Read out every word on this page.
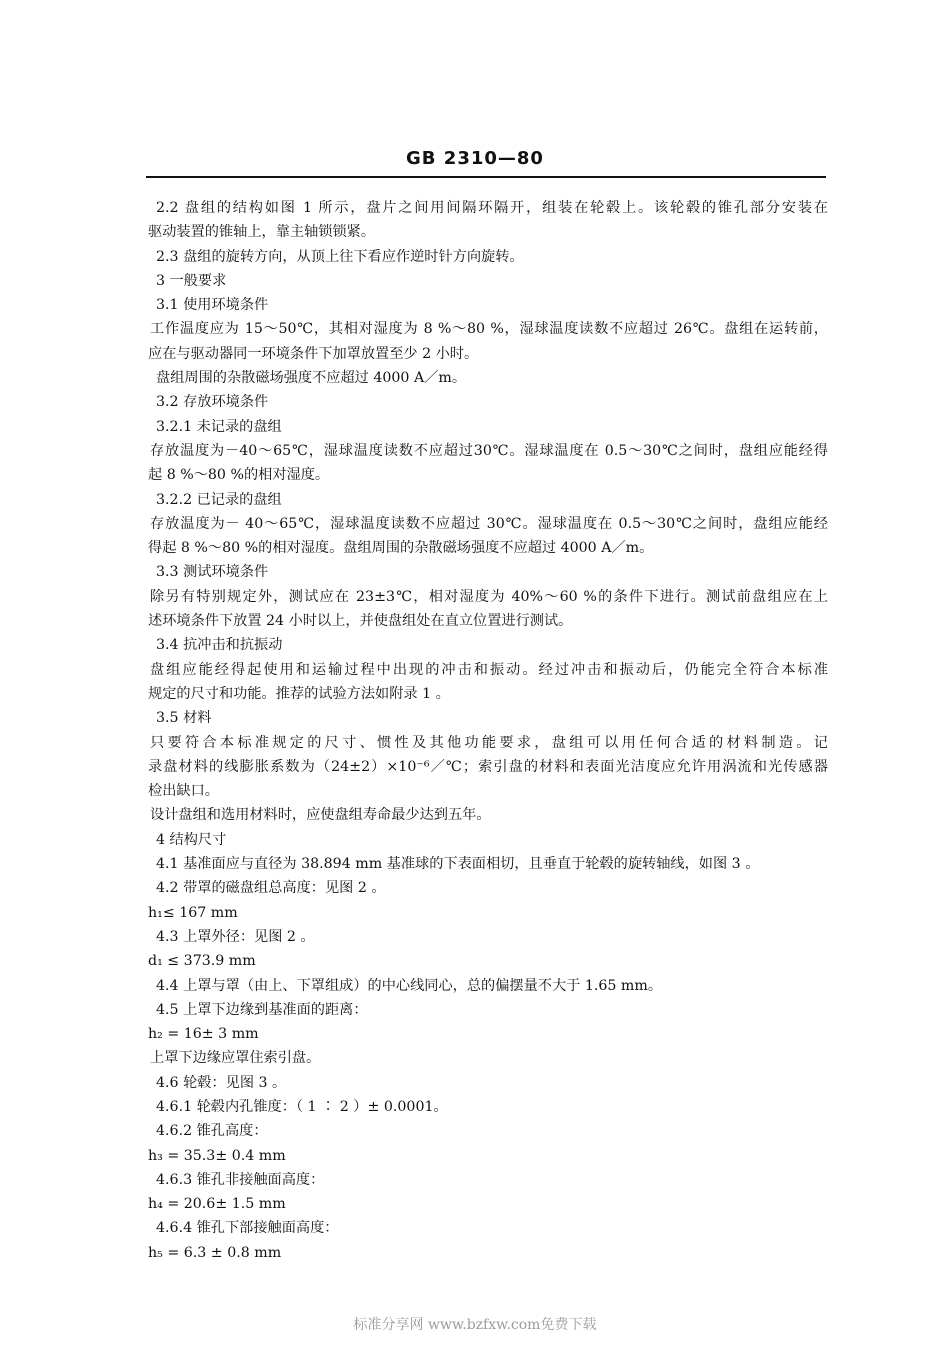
GB 2310—80
2.2 盘组的结构如图 1 所示，盘片之间用间隔环隔开，组装在轮毂上。该轮毂的锥孔部分安装在
驱动装置的锥轴上，靠主轴锁锁紧。
2.3 盘组的旋转方向，从顶上往下看应作逆时针方向旋转。
3 一般要求
3.1 使用环境条件
工作温度应为 15～50℃，其相对湿度为 8 %～80 %，湿球温度读数不应超过 26℃。盘组在运转前，
应在与驱动器同一环境条件下加罩放置至少 2 小时。
盘组周围的杂散磁场强度不应超过 4000 A／m。
3.2 存放环境条件
3.2.1 未记录的盘组
存放温度为－40～65℃，湿球温度读数不应超过30℃。湿球温度在 0.5～30℃之间时，盘组应能经得
起 8 %～80 %的相对湿度。
3.2.2 已记录的盘组
存放温度为－ 40～65℃，湿球温度读数不应超过 30℃。湿球温度在 0.5～30℃之间时，盘组应能经
得起 8 %～80 %的相对湿度。盘组周围的杂散磁场强度不应超过 4000 A／m。
3.3 测试环境条件
除另有特别规定外，测试应在 23±3℃，相对湿度为 40%～60 %的条件下进行。测试前盘组应在上
述环境条件下放置 24 小时以上，并使盘组处在直立位置进行测试。
3.4 抗冲击和抗振动
盘组应能经得起使用和运输过程中出现的冲击和振动。经过冲击和振动后，仍能完全符合本标准
规定的尺寸和功能。推荐的试验方法如附录 1 。
3.5 材料
只要符合本标准规定的尺寸、惯性及其他功能要求，盘组可以用任何合适的材料制造。记
录盘材料的线膨胀系数为（24±2）×10⁻⁶／℃；索引盘的材料和表面光洁度应允许用涡流和光传感器
检出缺口。
设计盘组和选用材料时，应使盘组寿命最少达到五年。
4 结构尺寸
4.1 基准面应与直径为 38.894 mm 基准球的下表面相切，且垂直于轮毂的旋转轴线，如图 3 。
4.2 带罩的磁盘组总高度：见图 2 。
h₁≤ 167 mm
4.3 上罩外径：见图 2 。
d₁ ≤ 373.9 mm
4.4 上罩与罩（由上、下罩组成）的中心线同心，总的偏摆量不大于 1.65 mm。
4.5 上罩下边缘到基准面的距离：
h₂ = 16± 3 mm
上罩下边缘应罩住索引盘。
4.6 轮毂：见图 3 。
4.6.1 轮毂内孔锥度：（ 1 ∶ 2 ）± 0.0001。
4.6.2 锥孔高度：
h₃ = 35.3± 0.4 mm
4.6.3 锥孔非接触面高度：
h₄ = 20.6± 1.5 mm
4.6.4 锥孔下部接触面高度：
h₅ = 6.3 ± 0.8 mm
标准分享网 www.bzfxw.com免费下载
